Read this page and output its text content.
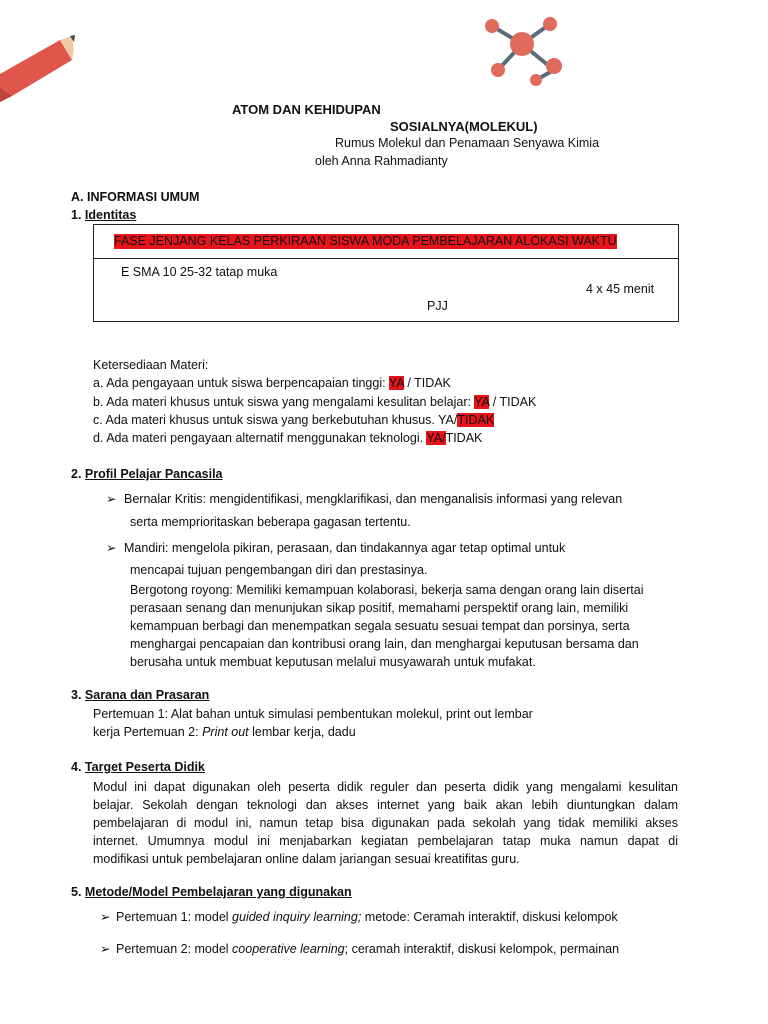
ATOM DAN KEHIDUPAN
SOSIALNYA(MOLEKUL)
Rumus Molekul dan Penamaan Senyawa Kimia
oleh Anna Rahmadianty
A. INFORMASI UMUM
1. Identitas
FASE JENJANG KELAS PERKIRAAN SISWA MODA PEMBELAJARAN ALOKASI WAKTU
E SMA 10 25-32 tatap muka
4 x 45 menit
PJJ
Ketersediaan Materi:
a. Ada pengayaan untuk siswa berpencapaian tinggi: YA / TIDAK
b. Ada materi khusus untuk siswa yang mengalami kesulitan belajar: YA / TIDAK
c. Ada materi khusus untuk siswa yang berkebutuhan khusus. YA/TIDAK
d. Ada materi pengayaan alternatif menggunakan teknologi. YA/TIDAK
2. Profil Pelajar Pancasila
➢ Bernalar Kritis: mengidentifikasi, mengklarifikasi, dan menganalisis informasi yang relevan
serta memprioritaskan beberapa gagasan tertentu.
➢ Mandiri: mengelola pikiran, perasaan, dan tindakannya agar tetap optimal untuk
mencapai tujuan pengembangan diri dan prestasinya.
Bergotong royong: Memiliki kemampuan kolaborasi, bekerja sama dengan orang lain disertai
perasaan senang dan menunjukan sikap positif, memahami perspektif orang lain, memiliki
kemampuan berbagi dan menempatkan segala sesuatu sesuai tempat dan porsinya, serta
menghargai pencapaian dan kontribusi orang lain, dan menghargai keputusan bersama dan
berusaha untuk membuat keputusan melalui musyawarah untuk mufakat.
3. Sarana dan Prasaran
Pertemuan 1: Alat bahan untuk simulasi pembentukan molekul, print out lembar
kerja Pertemuan 2: Print out lembar kerja, dadu
4. Target Peserta Didik
Modul ini dapat digunakan oleh peserta didik reguler dan peserta didik yang mengalami kesulitan
belajar. Sekolah dengan teknologi dan akses internet yang baik akan lebih diuntungkan dalam
pembelajaran di modul ini, namun tetap bisa digunakan pada sekolah yang tidak memiliki akses
internet. Umumnya modul ini menjabarkan kegiatan pembelajaran tatap muka namun dapat di
modifikasi untuk pembelajaran online dalam jariangan sesuai kreatifitas guru.
5. Metode/Model Pembelajaran yang digunakan
➢ Pertemuan 1: model guided inquiry learning; metode: Ceramah interaktif, diskusi kelompok
➢ Pertemuan 2: model cooperative learning; ceramah interaktif, diskusi kelompok, permainan
